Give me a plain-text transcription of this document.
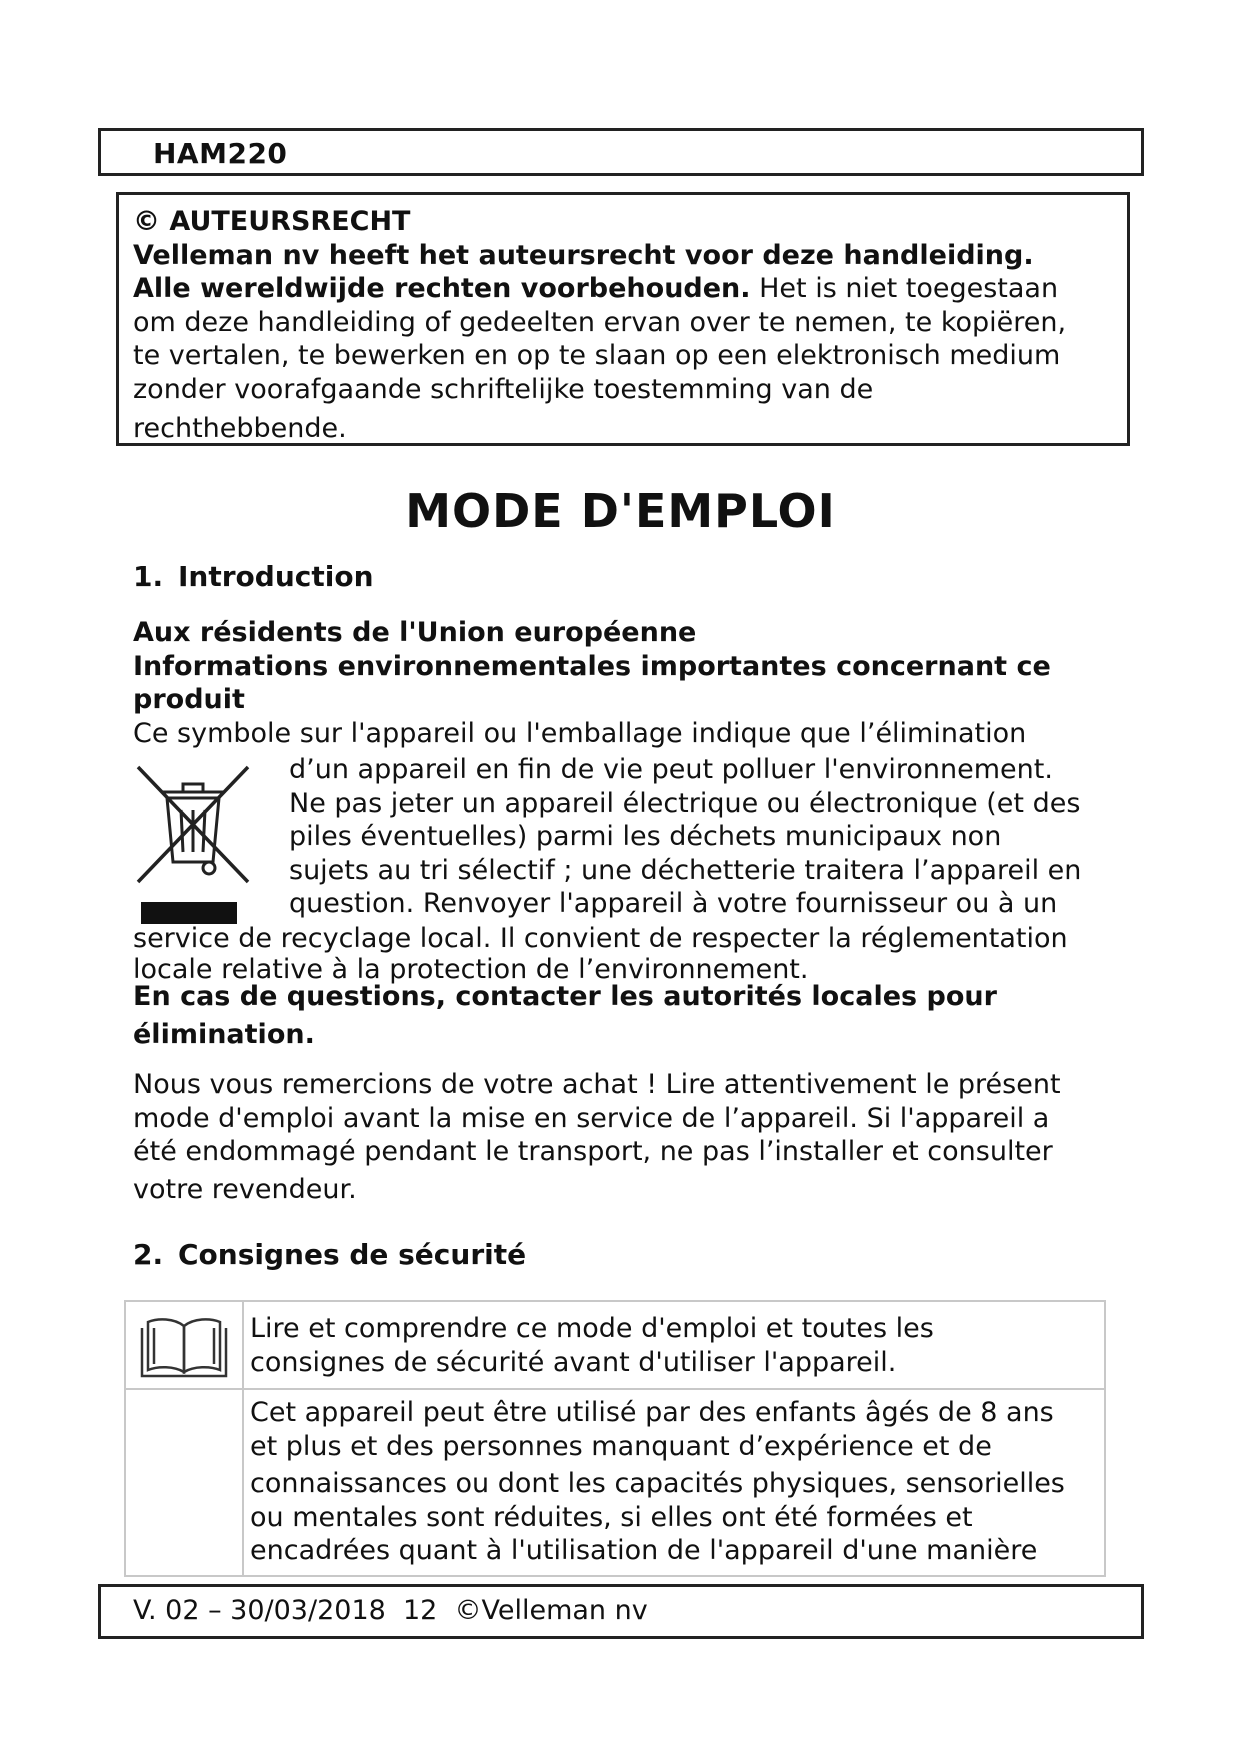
HAM220
© AUTEURSRECHT
Velleman nv heeft het auteursrecht voor deze handleiding.
Alle wereldwijde rechten voorbehouden. Het is niet toegestaan
om deze handleiding of gedeelten ervan over te nemen, te kopiëren,
te vertalen, te bewerken en op te slaan op een elektronisch medium
zonder voorafgaande schriftelijke toestemming van de
rechthebbende.
MODE D'EMPLOI
1. Introduction
Aux résidents de l'Union européenne
Informations environnementales importantes concernant ce
produit
Ce symbole sur l'appareil ou l'emballage indique que l’élimination
d’un appareil en fin de vie peut polluer l'environnement.
Ne pas jeter un appareil électrique ou électronique (et des
piles éventuelles) parmi les déchets municipaux non
sujets au tri sélectif ; une déchetterie traitera l’appareil en
question. Renvoyer l'appareil à votre fournisseur ou à un
service de recyclage local. Il convient de respecter la réglementation
locale relative à la protection de l’environnement.
En cas de questions, contacter les autorités locales pour
élimination.
Nous vous remercions de votre achat ! Lire attentivement le présent
mode d'emploi avant la mise en service de l’appareil. Si l'appareil a
été endommagé pendant le transport, ne pas l’installer et consulter
votre revendeur.
2. Consignes de sécurité
Lire et comprendre ce mode d'emploi et toutes les
consignes de sécurité avant d'utiliser l'appareil.
Cet appareil peut être utilisé par des enfants âgés de 8 ans
et plus et des personnes manquant d’expérience et de
connaissances ou dont les capacités physiques, sensorielles
ou mentales sont réduites, si elles ont été formées et
encadrées quant à l'utilisation de l'appareil d'une manière
V. 02 – 30/03/2018  12  ©Velleman nv
